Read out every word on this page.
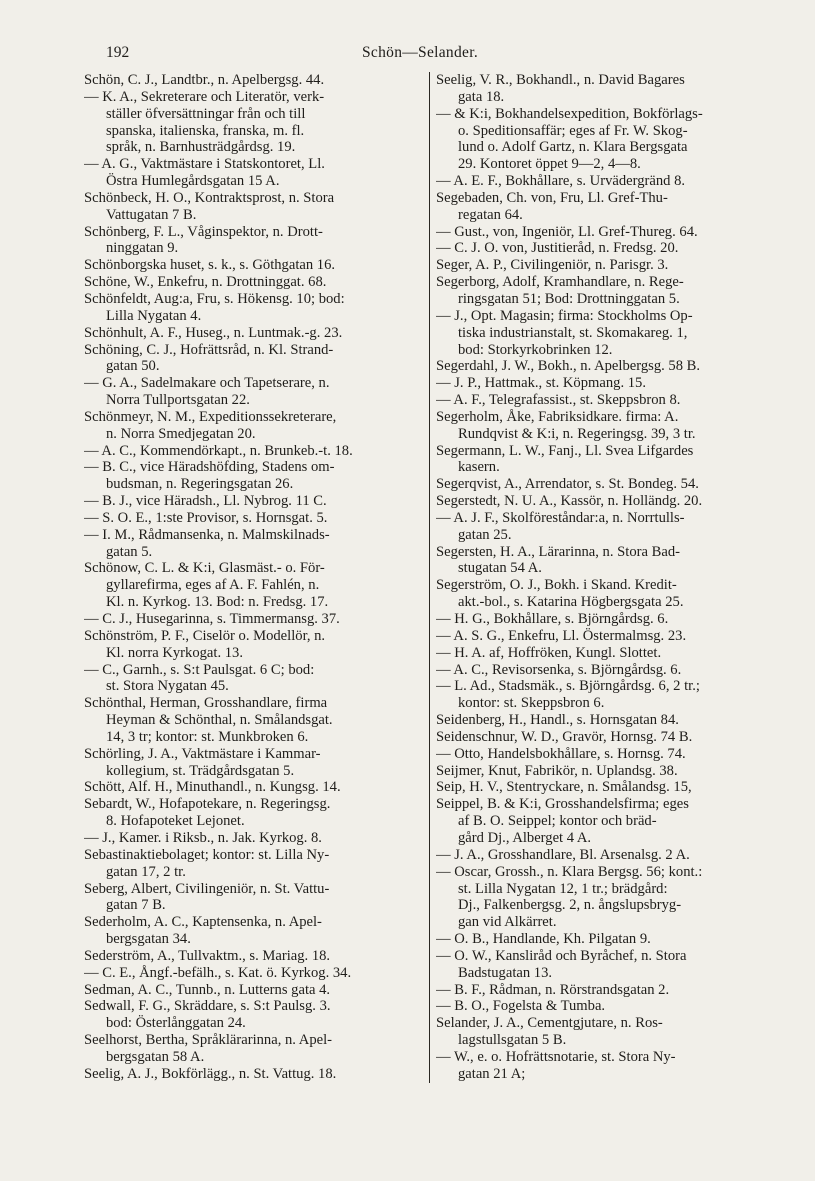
192	Schön—Selander.
Schön, C. J., Landtbr., n. Apelbergsg. 44.
— K. A., Sekreterare och Literatör, verk-
ställer öfversättningar från och till
spanska, italienska, franska, m. fl.
språk, n. Barnhusträdgårdsg. 19.
— A. G., Vaktmästare i Statskontoret, Ll.
Östra Humlegårdsgatan 15 A.
Schönbeck, H. O., Kontraktsprost, n. Stora
Vattugatan 7 B.
Schönberg, F. L., Våginspektor, n. Drott-
ninggatan 9.
Schönborgska huset, s. k., s. Göthgatan 16.
Schöne, W., Enkefru, n. Drottninggat. 68.
Schönfeldt, Aug:a, Fru, s. Hökensg. 10; bod:
Lilla Nygatan 4.
Schönhult, A. F., Huseg., n. Luntmak.-g. 23.
Schöning, C. J., Hofrättsråd, n. Kl. Strand-
gatan 50.
— G. A., Sadelmakare och Tapetserare, n.
Norra Tullportsgatan 22.
Schönmeyr, N. M., Expeditionssekreterare,
n. Norra Smedjegatan 20.
— A. C., Kommendörkapt., n. Brunkeb.-t. 18.
— B. C., vice Häradshöfding, Stadens om-
budsman, n. Regeringsgatan 26.
— B. J., vice Häradsh., Ll. Nybrog. 11 C.
— S. O. E., 1:ste Provisor, s. Hornsgat. 5.
— I. M., Rådmansenka, n. Malmskilnads-
gatan 5.
Schönow, C. L. & K:i, Glasmäst.- o. För-
gyllarefirma, eges af A. F. Fahlén, n.
Kl. n. Kyrkog. 13. Bod: n. Fredsg. 17.
— C. J., Husegarinna, s. Timmermansg. 37.
Schönström, P. F., Ciselör o. Modellör, n.
Kl. norra Kyrkogat. 13.
— C., Garnh., s. S:t Paulsgat. 6 C; bod:
st. Stora Nygatan 45.
Schönthal, Herman, Grosshandlare, firma
Heyman & Schönthal, n. Smålandsgat.
14, 3 tr; kontor: st. Munkbroken 6.
Schörling, J. A., Vaktmästare i Kammar-
kollegium, st. Trädgårdsgatan 5.
Schött, Alf. H., Minuthandl., n. Kungsg. 14.
Sebardt, W., Hofapotekare, n. Regeringsg.
8. Hofapoteket Lejonet.
— J., Kamer. i Riksb., n. Jak. Kyrkog. 8.
Sebastinaktiebolaget; kontor: st. Lilla Ny-
gatan 17, 2 tr.
Seberg, Albert, Civilingeniör, n. St. Vattu-
gatan 7 B.
Sederholm, A. C., Kaptensenka, n. Apel-
bergsgatan 34.
Sederström, A., Tullvaktm., s. Mariag. 18.
— C. E., Ångf.-befälh., s. Kat. ö. Kyrkog. 34.
Sedman, A. C., Tunnb., n. Lutterns gata 4.
Sedwall, F. G., Skräddare, s. S:t Paulsg. 3.
bod: Österlånggatan 24.
Seelhorst, Bertha, Språklärarinna, n. Apel-
bergsgatan 58 A.
Seelig, A. J., Bokförlägg., n. St. Vattug. 18.
Seelig, V. R., Bokhandl., n. David Bagares
gata 18.
— & K:i, Bokhandelsexpedition, Bokförlags-
o. Speditionsaffär; eges af Fr. W. Skog-
lund o. Adolf Gartz, n. Klara Bergsgata
29. Kontoret öppet 9—2, 4—8.
— A. E. F., Bokhållare, s. Urvädergränd 8.
Segebaden, Ch. von, Fru, Ll. Gref-Thu-
regatan 64.
— Gust., von, Ingeniör, Ll. Gref-Thureg. 64.
— C. J. O. von, Justitieråd, n. Fredsg. 20.
Seger, A. P., Civilingeniör, n. Parisgr. 3.
Segerborg, Adolf, Kramhandlare, n. Rege-
ringsgatan 51; Bod: Drottninggatan 5.
— J., Opt. Magasin; firma: Stockholms Op-
tiska industrianstalt, st. Skomakareg. 1,
bod: Storkyrkobrinken 12.
Segerdahl, J. W., Bokh., n. Apelbergsg. 58 B.
— J. P., Hattmak., st. Köpmang. 15.
— A. F., Telegrafassist., st. Skeppsbron 8.
Segerholm, Åke, Fabriksidkare. firma: A.
Rundqvist & K:i, n. Regeringsg. 39, 3 tr.
Segermann, L. W., Fanj., Ll. Svea Lifgardes
kasern.
Segerqvist, A., Arrendator, s. St. Bondeg. 54.
Segerstedt, N. U. A., Kassör, n. Holländg. 20.
— A. J. F., Skolföreståndar:a, n. Norrtulls-
gatan 25.
Segersten, H. A., Lärarinna, n. Stora Bad-
stugatan 54 A.
Segerström, O. J., Bokh. i Skand. Kredit-
akt.-bol., s. Katarina Högbergsgata 25.
— H. G., Bokhållare, s. Björngårdsg. 6.
— A. S. G., Enkefru, Ll. Östermalmsg. 23.
— H. A. af, Hoffröken, Kungl. Slottet.
— A. C., Revisorsenka, s. Björngårdsg. 6.
— L. Ad., Stadsmäk., s. Björngårdsg. 6, 2 tr.;
kontor: st. Skeppsbron 6.
Seidenberg, H., Handl., s. Hornsgatan 84.
Seidenschnur, W. D., Gravör, Hornsg. 74 B.
— Otto, Handelsbokhållare, s. Hornsg. 74.
Seijmer, Knut, Fabrikör, n. Uplandsg. 38.
Seip, H. V., Stentryckare, n. Smålandsg. 15,
Seippel, B. & K:i, Grosshandelsfirma; eges
af B. O. Seippel; kontor och bräd-
gård Dj., Alberget 4 A.
— J. A., Grosshandlare, Bl. Arsenalsg. 2 A.
— Oscar, Grossh., n. Klara Bergsg. 56; kont.:
st. Lilla Nygatan 12, 1 tr.; brädgård:
Dj., Falkenbergsg. 2, n. ångslupsbryg-
gan vid Alkärret.
— O. B., Handlande, Kh. Pilgatan 9.
— O. W., Kansliråd och Byråchef, n. Stora
Badstugatan 13.
— B. F., Rådman, n. Rörstrandsgatan 2.
— B. O., Fogelsta & Tumba.
Selander, J. A., Cementgjutare, n. Ros-
lagstullsgatan 5 B.
— W., e. o. Hofrättsnotarie, st. Stora Ny-
gatan 21 A;
